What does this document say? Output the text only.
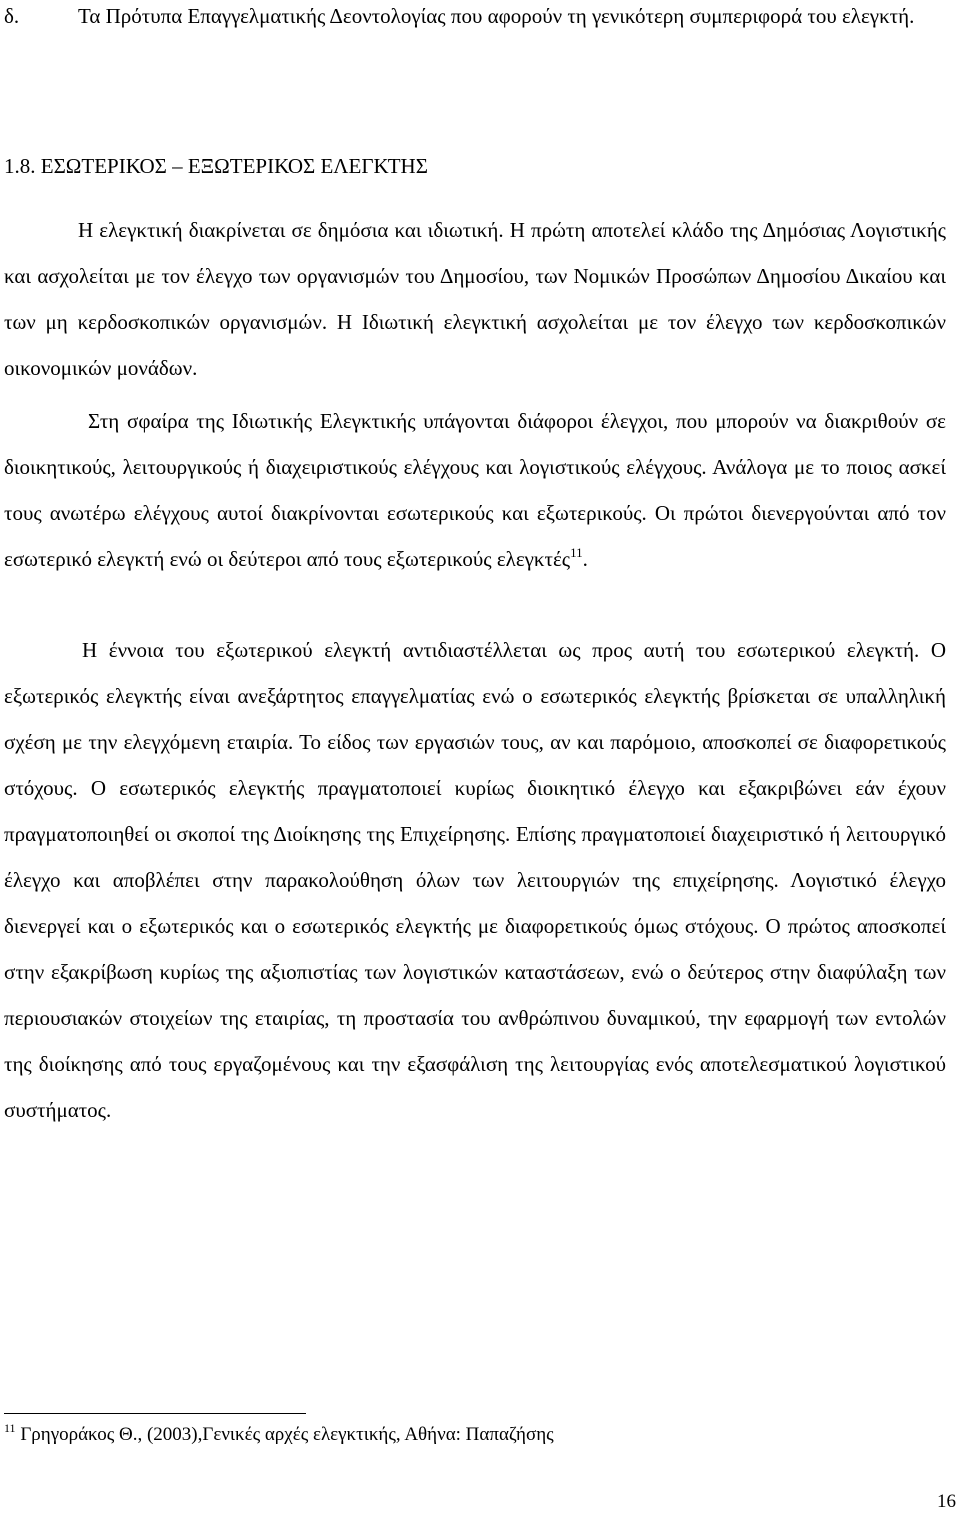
δ.	Τα Πρότυπα Επαγγελματικής Δεοντολογίας που αφορούν τη γενικότερη συμπεριφορά του ελεγκτή.

1.8. ΕΣΩΤΕΡΙΚΟΣ – ΕΞΩΤΕΡΙΚΟΣ ΕΛΕΓΚΤΗΣ

Η ελεγκτική διακρίνεται σε δημόσια και ιδιωτική. Η πρώτη αποτελεί κλάδο της Δημόσιας Λογιστικής και ασχολείται με τον έλεγχο των οργανισμών του Δημοσίου, των Νομικών Προσώπων Δημοσίου Δικαίου και των μη κερδοσκοπικών οργανισμών. Η Ιδιωτική ελεγκτική ασχολείται με τον έλεγχο των κερδοσκοπικών οικονομικών μονάδων.

Στη σφαίρα της Ιδιωτικής Ελεγκτικής υπάγονται διάφοροι έλεγχοι, που μπορούν να διακριθούν σε διοικητικούς, λειτουργικούς ή διαχειριστικούς ελέγχους και λογιστικούς ελέγχους. Ανάλογα με το ποιος ασκεί τους ανωτέρω ελέγχους αυτοί διακρίνονται εσωτερικούς και εξωτερικούς. Οι πρώτοι διενεργούνται από τον εσωτερικό ελεγκτή ενώ οι δεύτεροι από τους εξωτερικούς ελεγκτές$^{11}$.

Η έννοια του εξωτερικού ελεγκτή αντιδιαστέλλεται ως προς αυτή του εσωτερικού ελεγκτή. Ο εξωτερικός ελεγκτής είναι ανεξάρτητος επαγγελματίας ενώ ο εσωτερικός ελεγκτής βρίσκεται σε υπαλληλική σχέση με την ελεγχόμενη εταιρία. Το είδος των εργασιών τους, αν και παρόμοιο, αποσκοπεί σε διαφορετικούς στόχους. Ο εσωτερικός ελεγκτής πραγματοποιεί κυρίως διοικητικό έλεγχο και εξακριβώνει εάν έχουν πραγματοποιηθεί οι σκοποί της Διοίκησης της Επιχείρησης. Επίσης πραγματοποιεί διαχειριστικό ή λειτουργικό έλεγχο και αποβλέπει στην παρακολούθηση όλων των λειτουργιών της επιχείρησης. Λογιστικό έλεγχο διενεργεί και ο εξωτερικός και ο εσωτερικός ελεγκτής με διαφορετικούς όμως στόχους. Ο πρώτος αποσκοπεί στην εξακρίβωση κυρίως της αξιοπιστίας των λογιστικών καταστάσεων, ενώ ο δεύτερος στην διαφύλαξη των περιουσιακών στοιχείων της εταιρίας, τη προστασία του ανθρώπινου δυναμικού, την εφαρμογή των εντολών της διοίκησης από τους εργαζομένους και την εξασφάλιση της λειτουργίας ενός αποτελεσματικού λογιστικού συστήματος.

$^{11}$ Γρηγοράκος Θ., (2003),Γενικές αρχές ελεγκτικής, Αθήνα: Παπαζήσης
16
